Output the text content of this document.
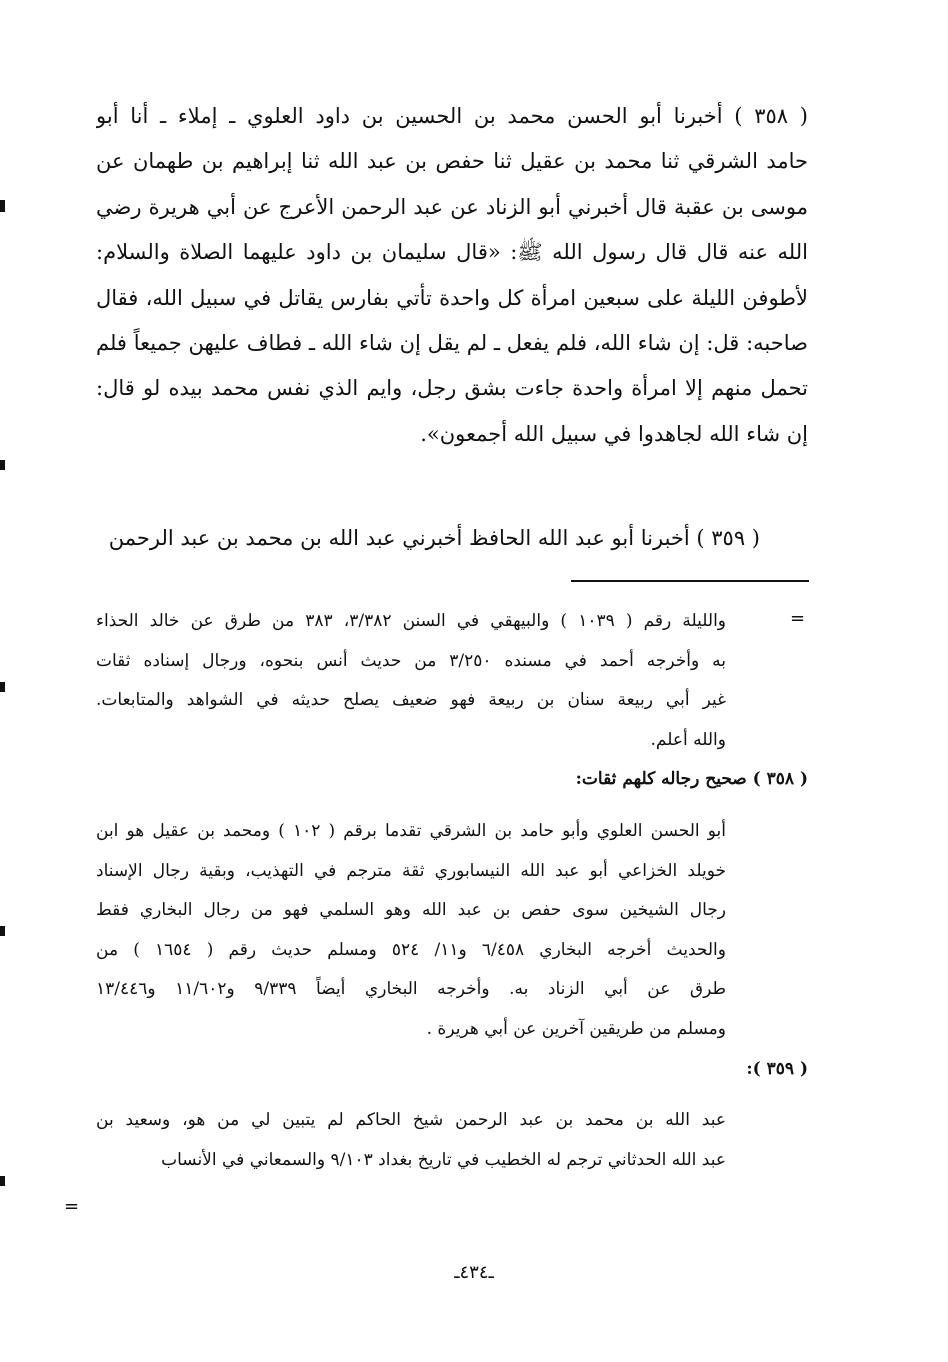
( ٣٥٨ ) أخبرنا أبو الحسن محمد بن الحسين بن داود العلوي ـ إملاء ـ أنا أبو
حامد الشرقي ثنا محمد بن عقيل ثنا حفص بن عبد الله ثنا إبراهيم بن طهمان عن
موسى بن عقبة قال أخبرني أبو الزناد عن عبد الرحمن الأعرج عن أبي هريرة رضي
الله عنه قال قال رسول الله ﷺ: «قال سليمان بن داود عليهما الصلاة والسلام:
لأطوفن الليلة على سبعين امرأة كل واحدة تأتي بفارس يقاتل في سبيل الله، فقال
صاحبه: قل: إن شاء الله، فلم يفعل ـ لم يقل إن شاء الله ـ فطاف عليهن جميعاً فلم
تحمل منهم إلا امرأة واحدة جاءت بشق رجل، وايم الذي نفس محمد بيده لو قال:
إن شاء الله لجاهدوا في سبيل الله أجمعون».
( ٣٥٩ ) أخبرنا أبو عبد الله الحافظ أخبرني عبد الله بن محمد بن عبد الرحمن
=
والليلة رقم ( ١٠٣٩ ) والبيهقي في السنن ٣/٣٨٢، ٣٨٣ من طرق عن خالد الحذاء
به وأخرجه أحمد في مسنده ٣/٢٥٠ من حديث أنس بنحوه، ورجال إسناده ثقات
غير أبي ربيعة سنان بن ربيعة فهو ضعيف يصلح حديثه في الشواهد والمتابعات.
والله أعلم.
( ٣٥٨ ) صحيح رجاله كلهم ثقات:
أبو الحسن العلوي وأبو حامد بن الشرقي تقدما برقم ( ١٠٢ ) ومحمد بن عقيل هو ابن
خويلد الخزاعي أبو عبد الله النيسابوري ثقة مترجم في التهذيب، وبقية رجال الإسناد
رجال الشيخين سوى حفص بن عبد الله وهو السلمي فهو من رجال البخاري فقط
والحديث أخرجه البخاري ٦/٤٥٨ و١١/ ٥٢٤ ومسلم حديث رقم ( ١٦٥٤ ) من
طرق عن أبي الزناد به. وأخرجه البخاري أيضاً ٩/٣٣٩ و١١/٦٠٢ و١٣/٤٤٦
ومسلم من طريقين آخرين عن أبي هريرة .
( ٣٥٩ ):
عبد الله بن محمد بن عبد الرحمن شيخ الحاكم لم يتبين لي من هو، وسعيد بن
عبد الله الحدثاني ترجم له الخطيب في تاريخ بغداد ٩/١٠٣ والسمعاني في الأنساب
=
ـ٤٣٤ـ
